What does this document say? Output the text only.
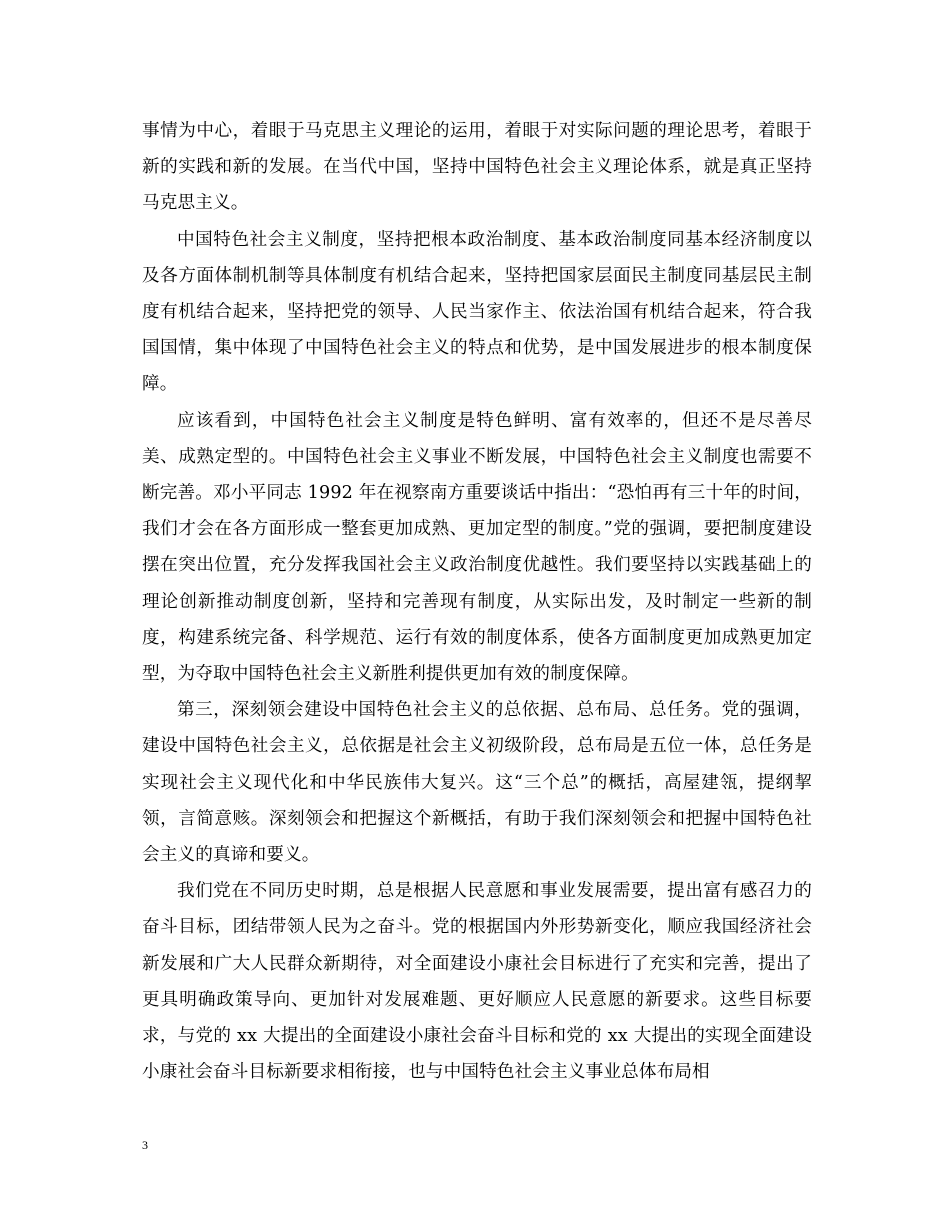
事情为中心，着眼于马克思主义理论的运用，着眼于对实际问题的理论思考，着眼于新的实践和新的发展。在当代中国，坚持中国特色社会主义理论体系，就是真正坚持马克思主义。

中国特色社会主义制度，坚持把根本政治制度、基本政治制度同基本经济制度以及各方面体制机制等具体制度有机结合起来，坚持把国家层面民主制度同基层民主制度有机结合起来，坚持把党的领导、人民当家作主、依法治国有机结合起来，符合我国国情，集中体现了中国特色社会主义的特点和优势，是中国发展进步的根本制度保障。

应该看到，中国特色社会主义制度是特色鲜明、富有效率的，但还不是尽善尽美、成熟定型的。中国特色社会主义事业不断发展，中国特色社会主义制度也需要不断完善。邓小平同志 1992 年在视察南方重要谈话中指出：“恐怕再有三十年的时间，我们才会在各方面形成一整套更加成熟、更加定型的制度。”党的强调，要把制度建设摆在突出位置，充分发挥我国社会主义政治制度优越性。我们要坚持以实践基础上的理论创新推动制度创新，坚持和完善现有制度，从实际出发，及时制定一些新的制度，构建系统完备、科学规范、运行有效的制度体系，使各方面制度更加成熟更加定型，为夺取中国特色社会主义新胜利提供更加有效的制度保障。

第三，深刻领会建设中国特色社会主义的总依据、总布局、总任务。党的强调，建设中国特色社会主义，总依据是社会主义初级阶段，总布局是五位一体，总任务是实现社会主义现代化和中华民族伟大复兴。这“三个总”的概括，高屋建瓴，提纲挈领，言简意赅。深刻领会和把握这个新概括，有助于我们深刻领会和把握中国特色社会主义的真谛和要义。

我们党在不同历史时期，总是根据人民意愿和事业发展需要，提出富有感召力的奋斗目标，团结带领人民为之奋斗。党的根据国内外形势新变化，顺应我国经济社会新发展和广大人民群众新期待，对全面建设小康社会目标进行了充实和完善，提出了更具明确政策导向、更加针对发展难题、更好顺应人民意愿的新要求。这些目标要求，与党的 xx 大提出的全面建设小康社会奋斗目标和党的 xx 大提出的实现全面建设小康社会奋斗目标新要求相衔接，也与中国特色社会主义事业总体布局相

3
